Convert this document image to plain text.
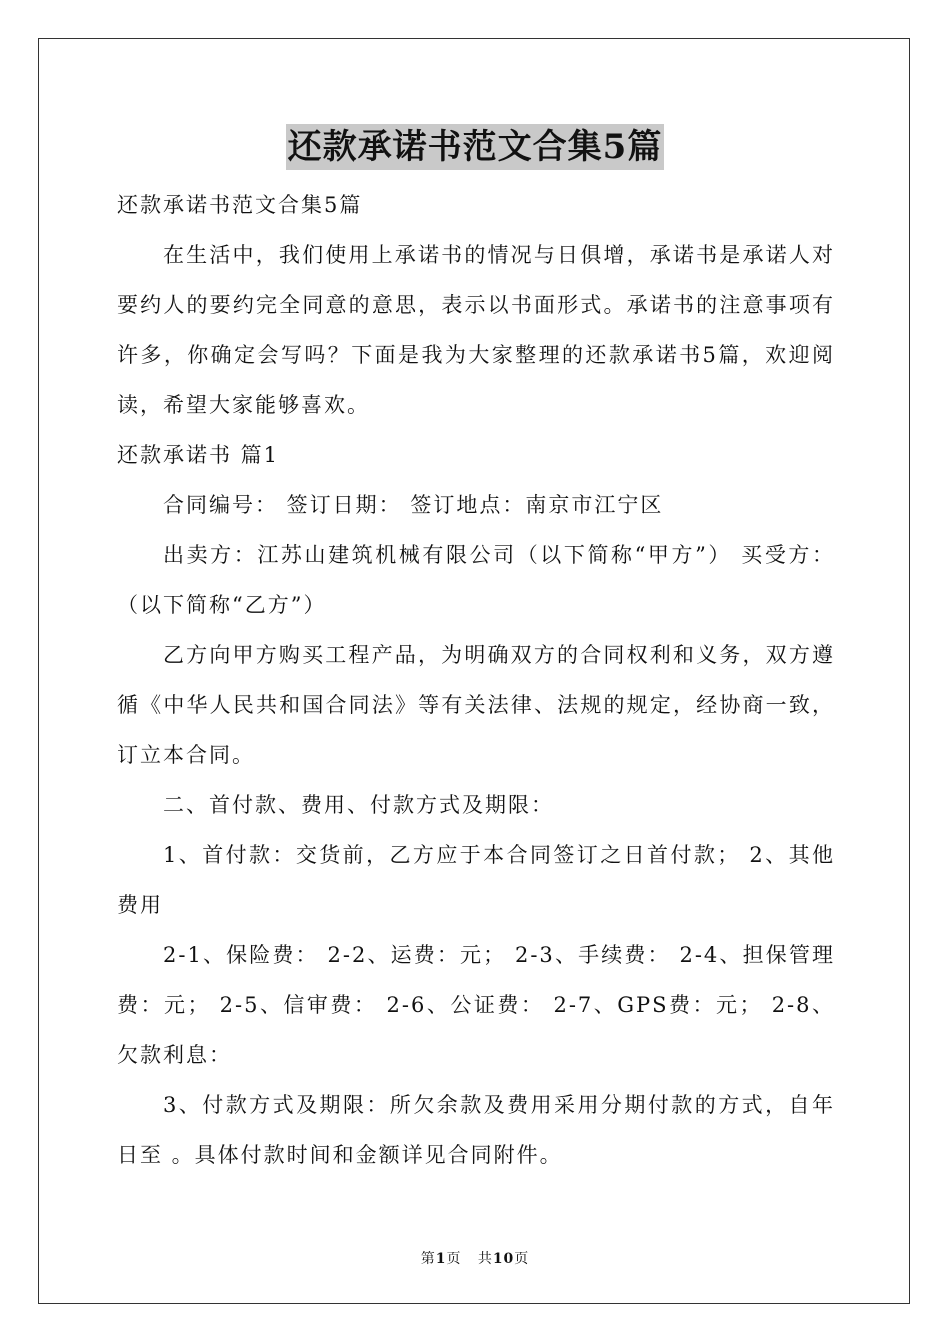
还款承诺书范文合集5篇

还款承诺书范文合集5篇

在生活中，我们使用上承诺书的情况与日俱增，承诺书是承诺人对要约人的要约完全同意的意思，表示以书面形式。承诺书的注意事项有许多，你确定会写吗？下面是我为大家整理的还款承诺书5篇，欢迎阅读，希望大家能够喜欢。

还款承诺书 篇1

合同编号： 签订日期： 签订地点：南京市江宁区

出卖方：江苏山建筑机械有限公司（以下简称“甲方”） 买受方： （以下简称“乙方”）

乙方向甲方购买工程产品，为明确双方的合同权利和义务，双方遵循《中华人民共和国合同法》等有关法律、法规的规定，经协商一致，订立本合同。

二、首付款、费用、付款方式及期限：

1、首付款：交货前，乙方应于本合同签订之日首付款； 2、其他费用

2-1、保险费： 2-2、运费：元； 2-3、手续费： 2-4、担保管理费：元； 2-5、信审费： 2-6、公证费： 2-7、GPS费：元； 2-8、欠款利息：

3、付款方式及期限：所欠余款及费用采用分期付款的方式，自年日至 。具体付款时间和金额详见合同附件。

第1页 共10页
